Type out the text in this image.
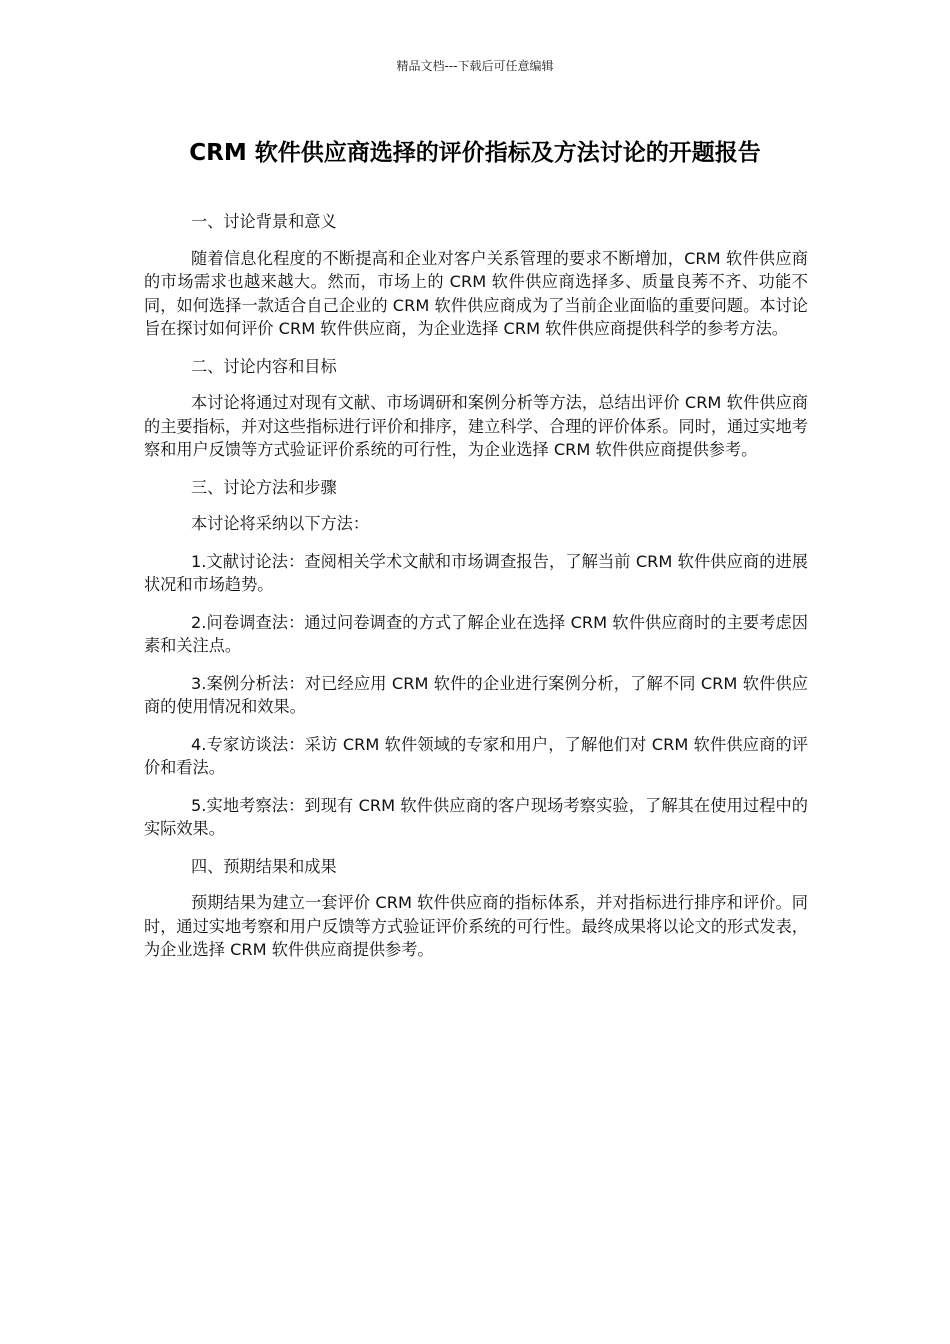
精品文档---下载后可任意编辑
CRM 软件供应商选择的评价指标及方法讨论的开题报告

一、讨论背景和意义

随着信息化程度的不断提高和企业对客户关系管理的要求不断增加，CRM 软件供应商的市场需求也越来越大。然而，市场上的 CRM 软件供应商选择多、质量良莠不齐、功能不同，如何选择一款适合自己企业的 CRM 软件供应商成为了当前企业面临的重要问题。本讨论旨在探讨如何评价 CRM 软件供应商，为企业选择 CRM 软件供应商提供科学的参考方法。

二、讨论内容和目标

本讨论将通过对现有文献、市场调研和案例分析等方法，总结出评价 CRM 软件供应商的主要指标，并对这些指标进行评价和排序，建立科学、合理的评价体系。同时，通过实地考察和用户反馈等方式验证评价系统的可行性，为企业选择 CRM 软件供应商提供参考。

三、讨论方法和步骤

本讨论将采纳以下方法：

1.文献讨论法：查阅相关学术文献和市场调查报告，了解当前 CRM 软件供应商的进展状况和市场趋势。

2.问卷调查法：通过问卷调查的方式了解企业在选择 CRM 软件供应商时的主要考虑因素和关注点。

3.案例分析法：对已经应用 CRM 软件的企业进行案例分析，了解不同 CRM 软件供应商的使用情况和效果。

4.专家访谈法：采访 CRM 软件领域的专家和用户，了解他们对 CRM 软件供应商的评价和看法。

5.实地考察法：到现有 CRM 软件供应商的客户现场考察实验，了解其在使用过程中的实际效果。

四、预期结果和成果

预期结果为建立一套评价 CRM 软件供应商的指标体系，并对指标进行排序和评价。同时，通过实地考察和用户反馈等方式验证评价系统的可行性。最终成果将以论文的形式发表，为企业选择 CRM 软件供应商提供参考。
